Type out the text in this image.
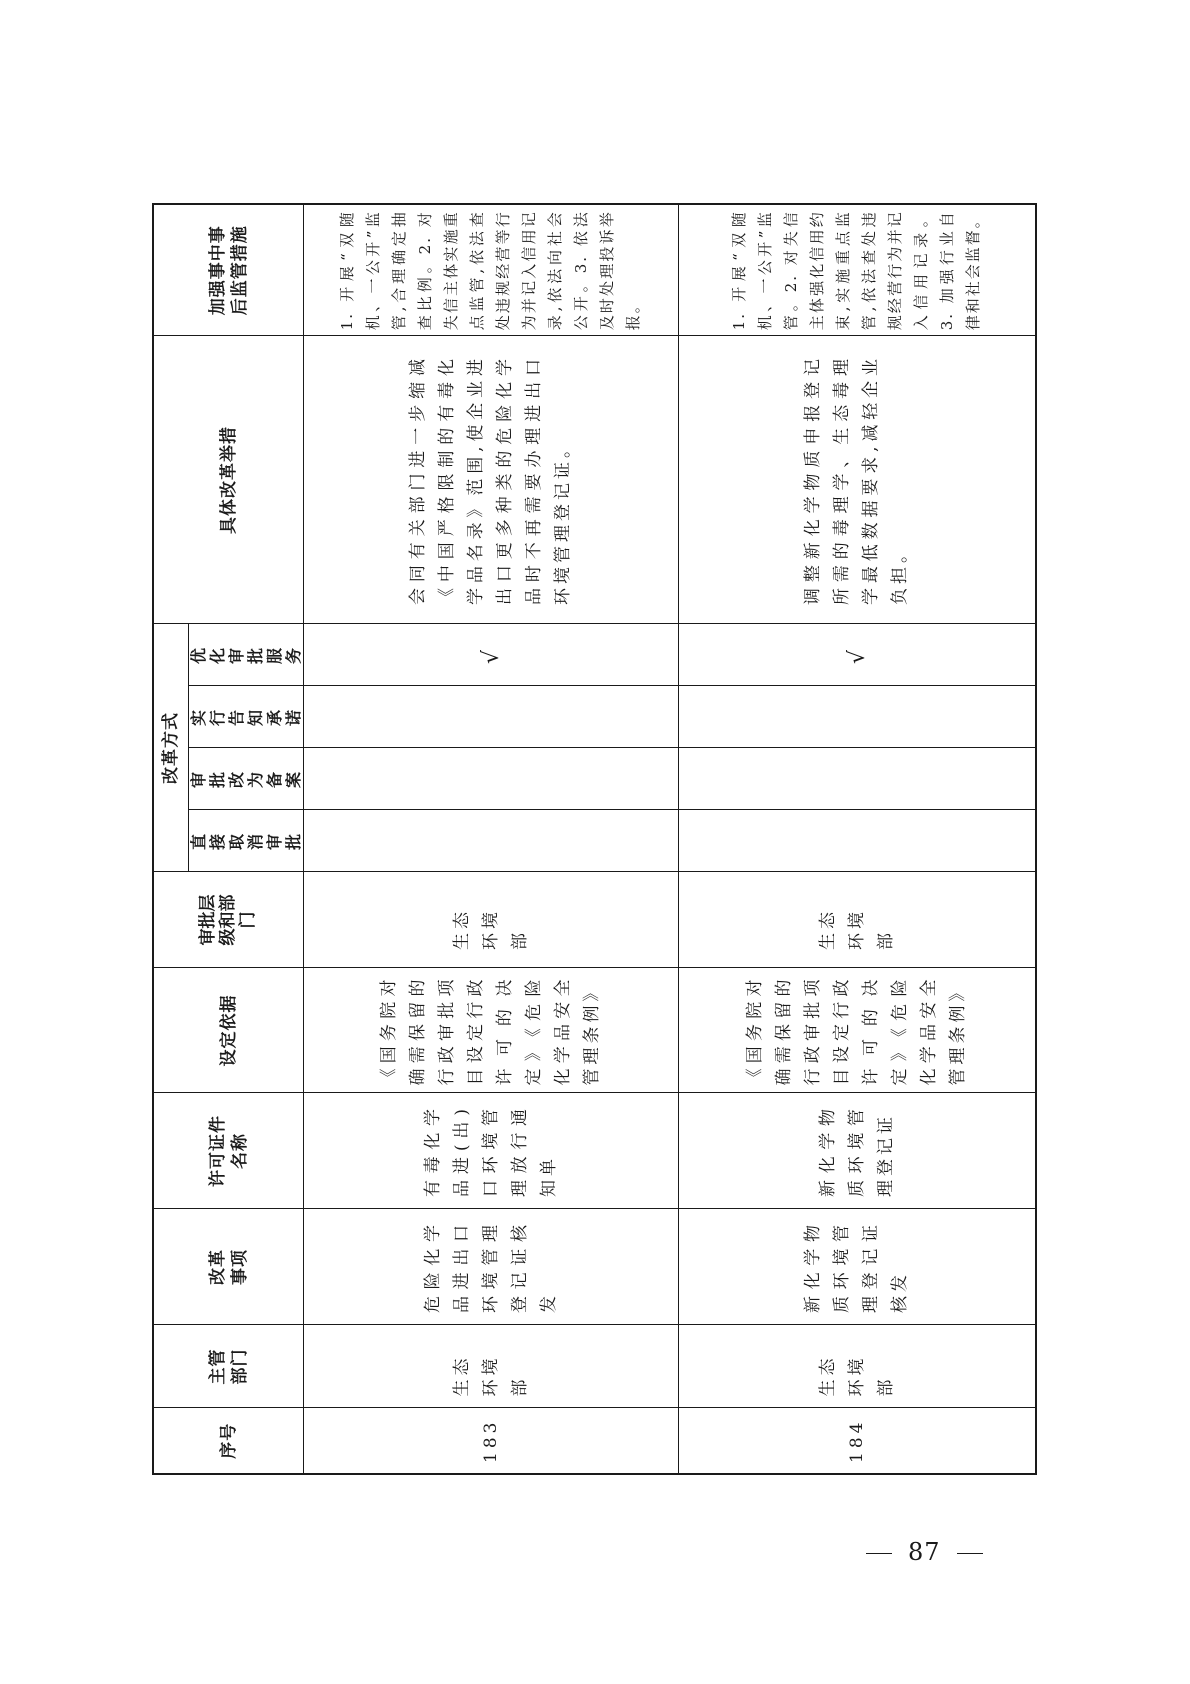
序号	主管部门	改革事项	许可证件名称	设定依据	审批层级和部门	改革方式				具体改革举措	加强事中事后监管措施
						直接取消审批	审批改为备案	实行告知承诺	优化审批服务		
183	生态环境部	危险化学品进出口环境管理登记证核发	有毒化学品进(出)口环境管理放行通知单	《国务院对确需保留的行政审批项目设定行政许可的决定》《危险化学品安全管理条例》	生态环境部				√	会同有关部门进一步缩减《中国严格限制的有毒化学品名录》范围,使企业进出口更多种类的危险化学品时不再需要办理进出口环境管理登记证。	1. 开展“双随机、一公开”监管,合理确定抽查比例。2. 对失信主体实施重点监管,依法查处违规经营等行为并记入信用记录,依法向社会公开。3. 依法及时处理投诉举报。
184	生态环境部	新化学物质环境管理登记证核发	新化学物质环境管理登记证	《国务院对确需保留的行政审批项目设定行政许可的决定》《危险化学品安全管理条例》	生态环境部				√	调整新化学物质申报登记所需的毒理学、生态毒理学最低数据要求,减轻企业负担。	1. 开展“双随机、一公开”监管。2. 对失信主体强化信用约束,实施重点监管,依法查处违规经营行为并记入信用记录。3. 加强行业自律和社会监督。
87
